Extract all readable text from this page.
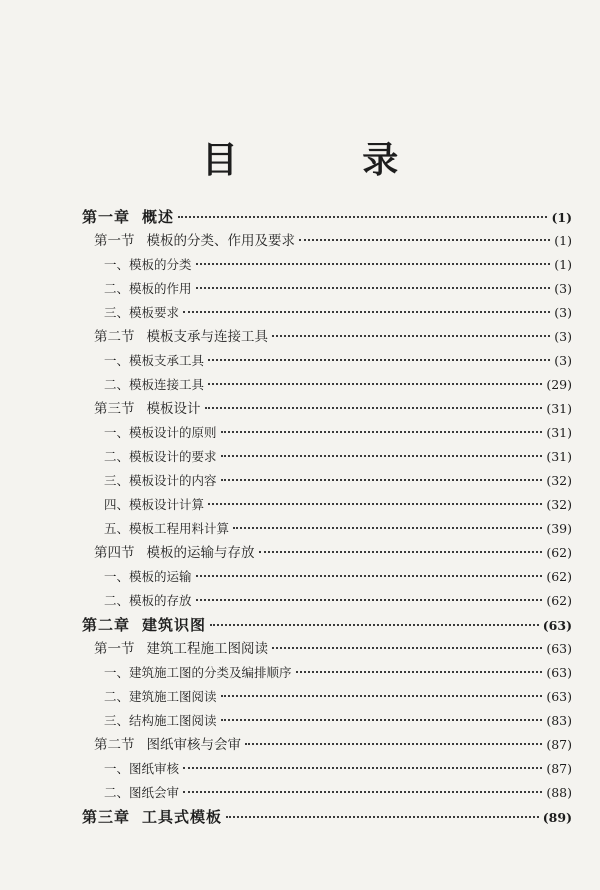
目 录
第一章 概述	(1)
第一节 模板的分类、作用及要求	(1)
一、模板的分类	(1)
二、模板的作用	(3)
三、模板要求	(3)
第二节 模板支承与连接工具	(3)
一、模板支承工具	(3)
二、模板连接工具	(29)
第三节 模板设计	(31)
一、模板设计的原则	(31)
二、模板设计的要求	(31)
三、模板设计的内容	(32)
四、模板设计计算	(32)
五、模板工程用料计算	(39)
第四节 模板的运输与存放	(62)
一、模板的运输	(62)
二、模板的存放	(62)
第二章 建筑识图	(63)
第一节 建筑工程施工图阅读	(63)
一、建筑施工图的分类及编排顺序	(63)
二、建筑施工图阅读	(63)
三、结构施工图阅读	(83)
第二节 图纸审核与会审	(87)
一、图纸审核	(87)
二、图纸会审	(88)
第三章 工具式模板	(89)
